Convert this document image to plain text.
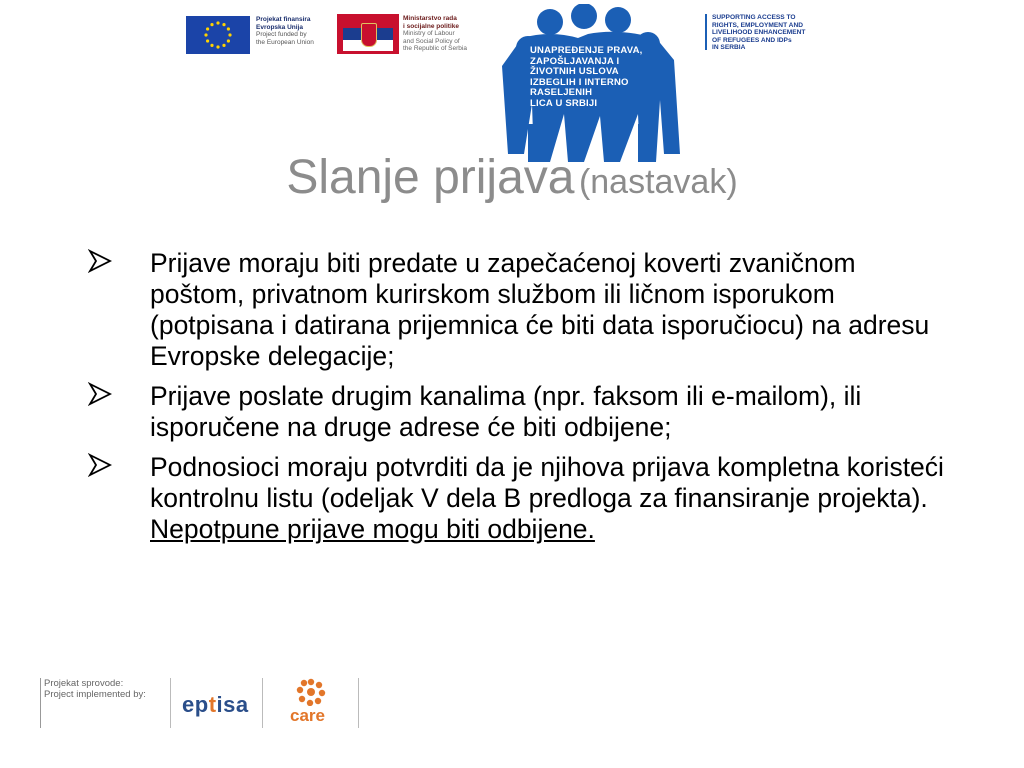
Projekat finansira
Evropska Unija
Project funded by
the European Union
Ministarstvo rada
i socijalne politike
Ministry of Labour
and Social Policy of
the Republic of Serbia	UNAPREĐENJE PRAVA,
ZAPOŠLJAVANJA I
ŽIVOTNIH USLOVA
IZBEGLIH I INTERNO
RASELJENIH
LICA U SRBIJI
SUPPORTING ACCESS TO
RIGHTS, EMPLOYMENT AND
LIVELIHOOD ENHANCEMENT
OF REFUGEES AND IDPs
IN SERBIA
Slanje prijava (nastavak)
Prijave moraju biti predate u zapečaćenoj koverti zvaničnom poštom, privatnom kurirskom službom ili ličnom isporukom (potpisana i datirana prijemnica će biti data isporučiocu) na adresu Evropske delegacije;
Prijave poslate drugim kanalima (npr. faksom ili e-mailom), ili isporučene na druge adrese će biti odbijene;
Podnosioci moraju potvrditi da je njihova prijava kompletna koristeći kontrolnu listu (odeljak V dela B predloga za finansiranje projekta). Nepotpune prijave mogu biti odbijene.
Projekat sprovode:
Project implemented by:	eptisa care
